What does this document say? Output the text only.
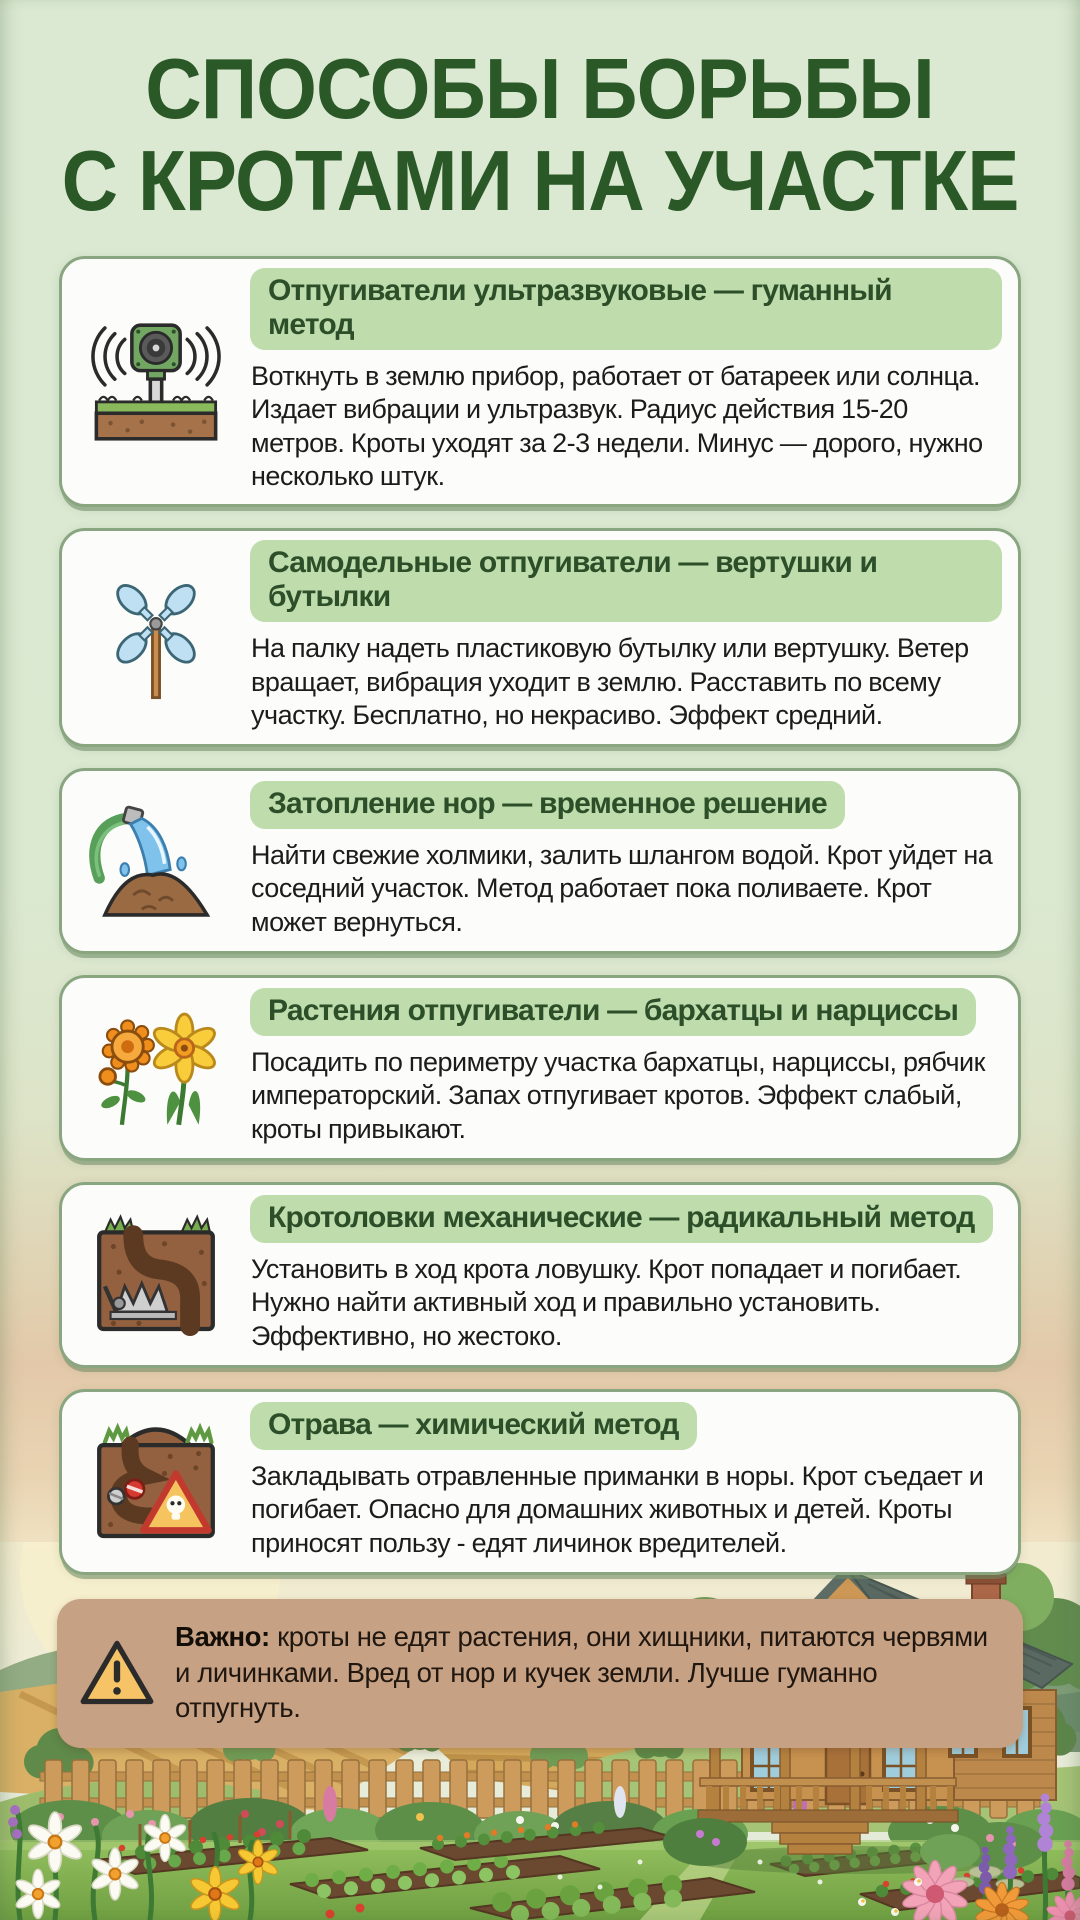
СПОСОБЫ БОРЬБЫ
С КРОТАМИ НА УЧАСТКЕ
Отпугиватели ультразвуковые — гуманный метод

Воткнуть в землю прибор, работает от батареек или солнца. Издает вибрации и ультразвук. Радиус действия 15-20 метров. Кроты уходят за 2-3 недели. Минус — дорого, нужно несколько штук.

Самодельные отпугиватели — вертушки и бутылки

На палку надеть пластиковую бутылку или вертушку. Ветер вращает, вибрация уходит в землю. Расставить по всему участку. Бесплатно, но некрасиво. Эффект средний.

Затопление нор — временное решение

Найти свежие холмики, залить шлангом водой. Крот уйдет на соседний участок. Метод работает пока поливаете. Крот может вернуться.

Растения отпугиватели — бархатцы и нарциссы

Посадить по периметру участка бархатцы, нарциссы, рябчик императорский. Запах отпугивает кротов. Эффект слабый, кроты привыкают.

Кротоловки механические — радикальный метод

Установить в ход крота ловушку. Крот попадает и погибает. Нужно найти активный ход и правильно установить. Эффективно, но жестоко.

Отрава — химический метод

Закладывать отравленные приманки в норы. Крот съедает и погибает. Опасно для домашних животных и детей. Кроты приносят пользу - едят личинок вредителей.

Важно: кроты не едят растения, они хищники, питаются червями и личинками. Вред от нор и кучек земли. Лучше гуманно отпугнуть.
